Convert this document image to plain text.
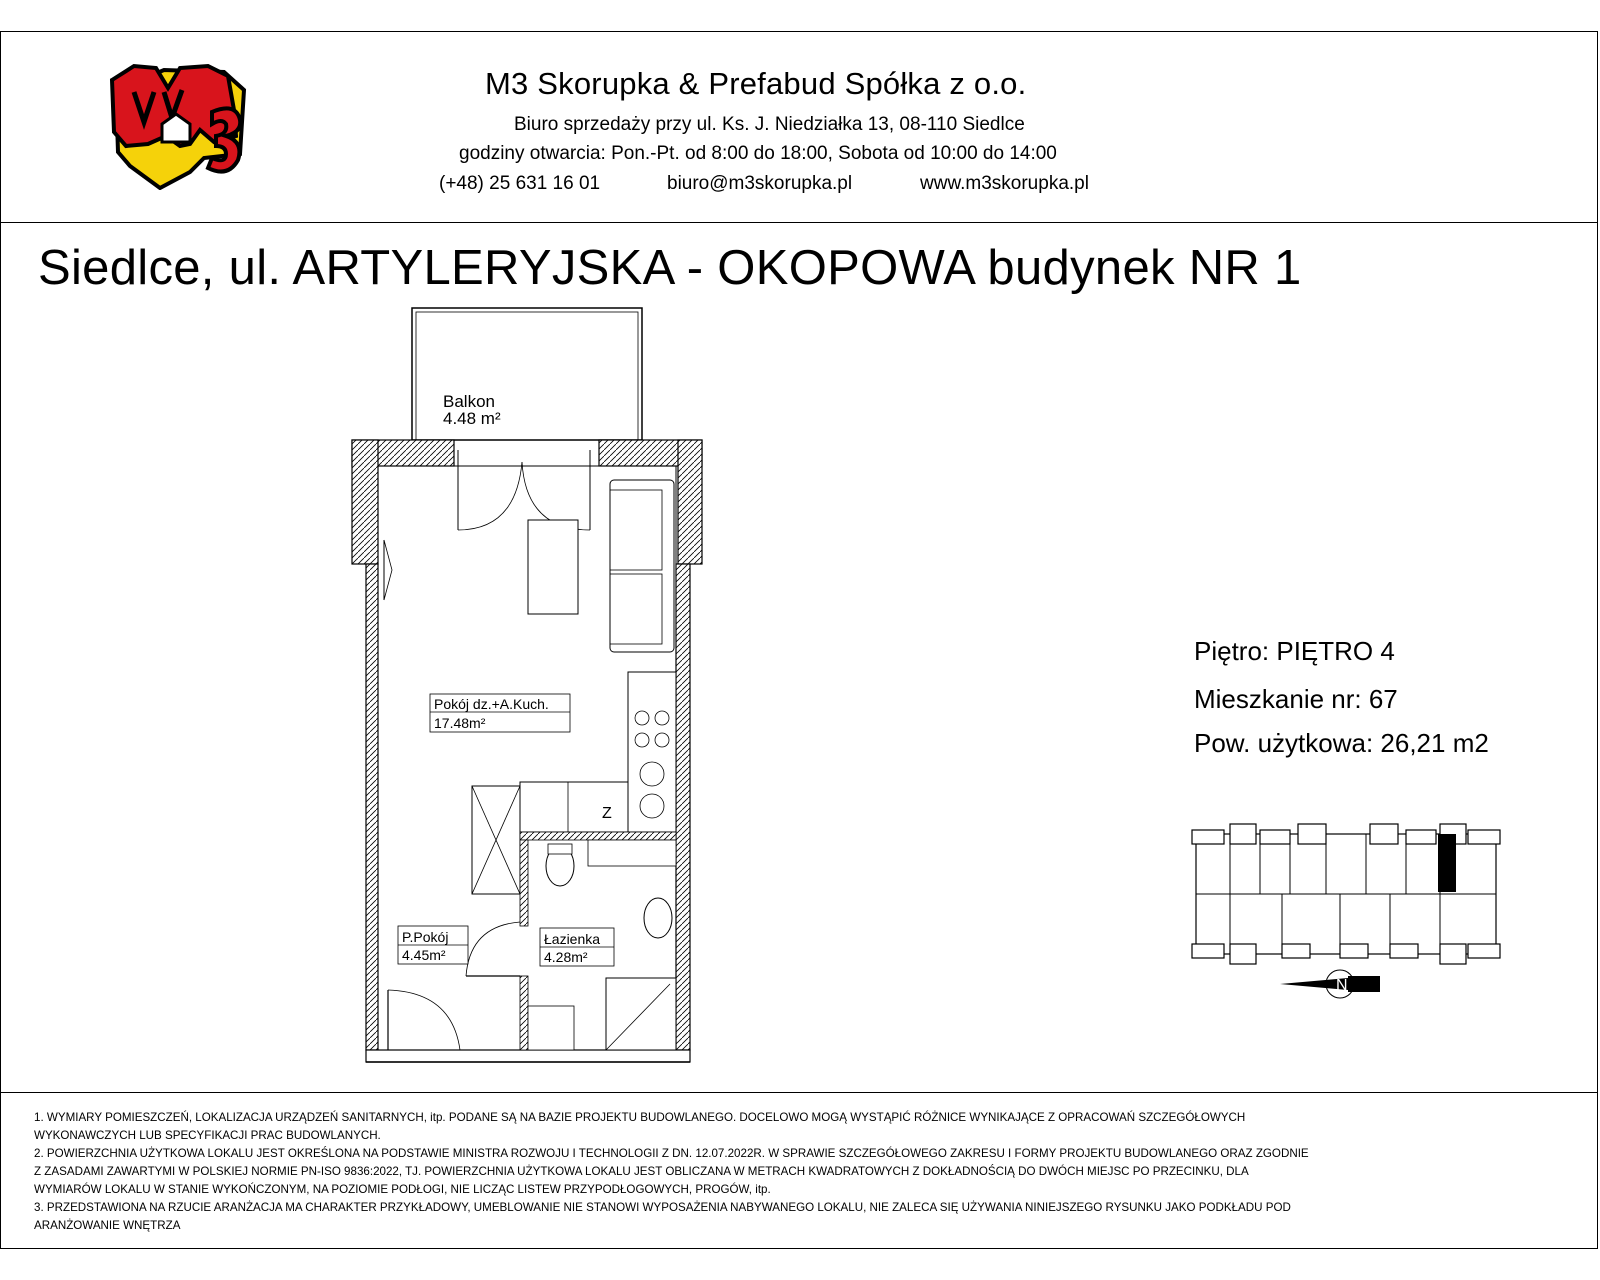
M3 Skorupka & Prefabud Spółka z o.o.
Biuro sprzedaży przy ul. Ks. J. Niedziałka 13, 08-110 Siedlce
godziny otwarcia: Pon.-Pt. od 8:00 do 18:00, Sobota od 10:00 do 14:00
(+48) 25 631 16 01	biuro@m3skorupka.pl	www.m3skorupka.pl
Siedlce, ul. ARTYLERYJSKA - OKOPOWA budynek NR 1
Balkon
4.48 m²
Z
Pokój dz.+A.Kuch.
17.48m²
P.Pokój
4.45m²
Łazienka
4.28m²
Piętro: PIĘTRO 4
Mieszkanie nr: 67
Pow. użytkowa: 26,21 m2
N
1. WYMIARY POMIESZCZEŃ, LOKALIZACJA URZĄDZEŃ SANITARNYCH, itp. PODANE SĄ NA BAZIE PROJEKTU BUDOWLANEGO. DOCELOWO MOGĄ WYSTĄPIĆ RÓŻNICE WYNIKAJĄCE Z OPRACOWAŃ SZCZEGÓŁOWYCH
WYKONAWCZYCH LUB SPECYFIKACJI PRAC BUDOWLANYCH.
2. POWIERZCHNIA UŻYTKOWA LOKALU JEST OKREŚLONA NA PODSTAWIE MINISTRA ROZWOJU I TECHNOLOGII Z DN. 12.07.2022R. W SPRAWIE SZCZEGÓŁOWEGO ZAKRESU I FORMY PROJEKTU BUDOWLANEGO ORAZ ZGODNIE
Z ZASADAMI ZAWARTYMI W POLSKIEJ NORMIE PN-ISO 9836:2022, TJ. POWIERZCHNIA UŻYTKOWA LOKALU JEST OBLICZANA W METRACH KWADRATOWYCH Z DOKŁADNOŚCIĄ DO DWÓCH MIEJSC PO PRZECINKU, DLA
WYMIARÓW LOKALU W STANIE WYKOŃCZONYM, NA POZIOMIE PODŁOGI, NIE LICZĄC LISTEW PRZYPODŁOGOWYCH, PROGÓW, itp.
3. PRZEDSTAWIONA NA RZUCIE ARANŻACJA MA CHARAKTER PRZYKŁADOWY, UMEBLOWANIE NIE STANOWI WYPOSAŻENIA NABYWANEGO LOKALU, NIE ZALECA SIĘ UŻYWANIA NINIEJSZEGO RYSUNKU JAKO PODKŁADU POD
ARANŻOWANIE WNĘTRZA
